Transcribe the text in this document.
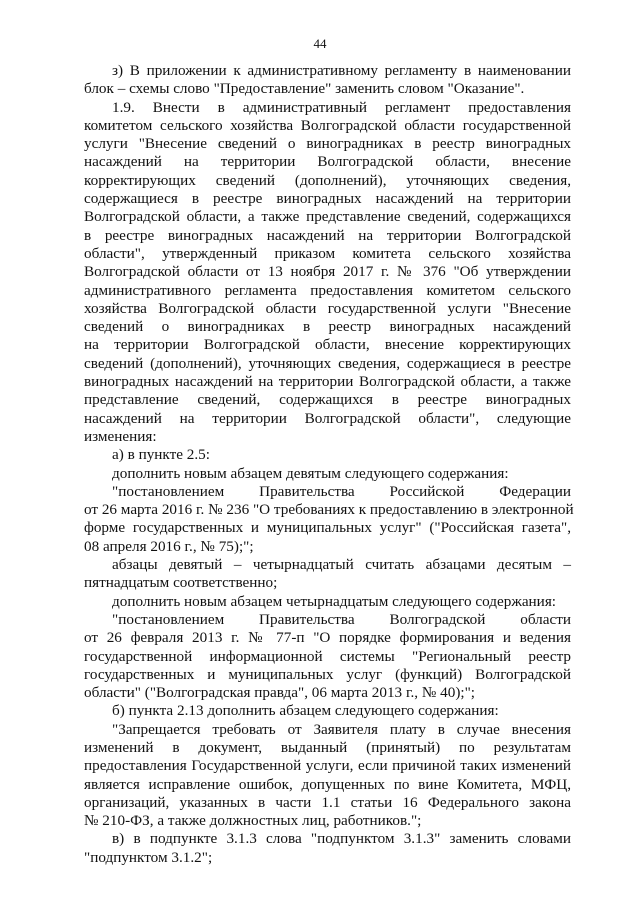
44
з) В приложении к административному регламенту в наименовании
блок – схемы слово "Предоставление" заменить словом "Оказание".
1.9. Внести в административный регламент предоставления
комитетом сельского хозяйства Волгоградской области государственной
услуги "Внесение сведений о виноградниках в реестр виноградных
насаждений на территории Волгоградской области, внесение
корректирующих сведений (дополнений), уточняющих сведения,
содержащиеся в реестре виноградных насаждений на территории
Волгоградской области, а также представление сведений, содержащихся
в реестре виноградных насаждений на территории Волгоградской
области", утвержденный приказом комитета сельского хозяйства
Волгоградской области от 13 ноября 2017 г. № 376 "Об утверждении
административного регламента предоставления комитетом сельского
хозяйства Волгоградской области государственной услуги "Внесение
сведений о виноградниках в реестр виноградных насаждений
на территории Волгоградской области, внесение корректирующих
сведений (дополнений), уточняющих сведения, содержащиеся в реестре
виноградных насаждений на территории Волгоградской области, а также
представление сведений, содержащихся в реестре виноградных
насаждений на территории Волгоградской области", следующие
изменения:
а) в пункте 2.5:
дополнить новым абзацем девятым следующего содержания:
"постановлением Правительства Российской Федерации
от 26 марта 2016 г. № 236 "О требованиях к предоставлению в электронной
форме государственных и муниципальных услуг" ("Российская газета",
08 апреля 2016 г., № 75);";
абзацы девятый – четырнадцатый считать абзацами десятым –
пятнадцатым соответственно;
дополнить новым абзацем четырнадцатым следующего содержания:
"постановлением Правительства Волгоградской области
от 26 февраля 2013 г. № 77-п "О порядке формирования и ведения
государственной информационной системы "Региональный реестр
государственных и муниципальных услуг (функций) Волгоградской
области" ("Волгоградская правда", 06 марта 2013 г., № 40);";
б) пункта 2.13 дополнить абзацем следующего содержания:
"Запрещается требовать от Заявителя плату в случае внесения
изменений в документ, выданный (принятый) по результатам
предоставления Государственной услуги, если причиной таких изменений
является исправление ошибок, допущенных по вине Комитета, МФЦ,
организаций, указанных в части 1.1 статьи 16 Федерального закона
№ 210-ФЗ, а также должностных лиц, работников.";
в) в подпункте 3.1.3 слова "подпунктом 3.1.3" заменить словами
"подпунктом 3.1.2";
